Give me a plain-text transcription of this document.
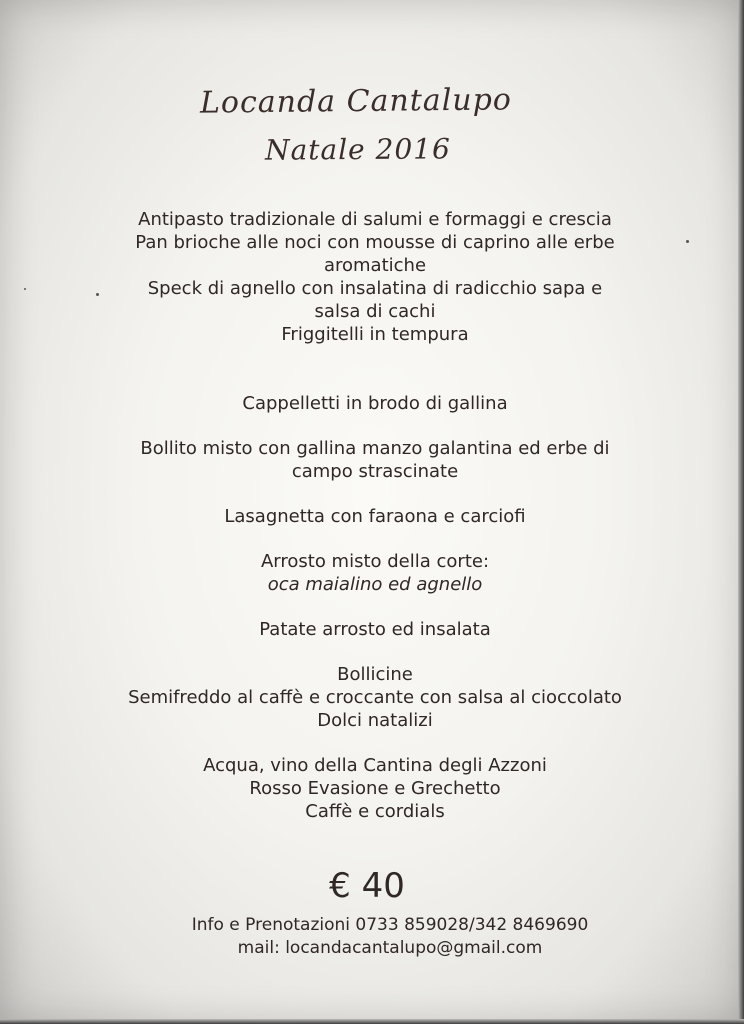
Locanda Cantalupo
Natale 2016
Antipasto tradizionale di salumi e formaggi e crescia
Pan brioche alle noci con mousse di caprino alle erbe
aromatiche
Speck di agnello con insalatina di radicchio sapa e
salsa di cachi
Friggitelli in tempura
Cappelletti in brodo di gallina
Bollito misto con gallina manzo galantina ed erbe di
campo strascinate
Lasagnetta con faraona e carciofi
Arrosto misto della corte:
oca maialino ed agnello
Patate arrosto ed insalata
Bollicine
Semifreddo al caffè e croccante con salsa al cioccolato
Dolci natalizi
Acqua, vino della Cantina degli Azzoni
Rosso Evasione e Grechetto
Caffè e cordials
€ 40
Info e Prenotazioni 0733 859028/342 8469690
mail: locandacantalupo@gmail.com
